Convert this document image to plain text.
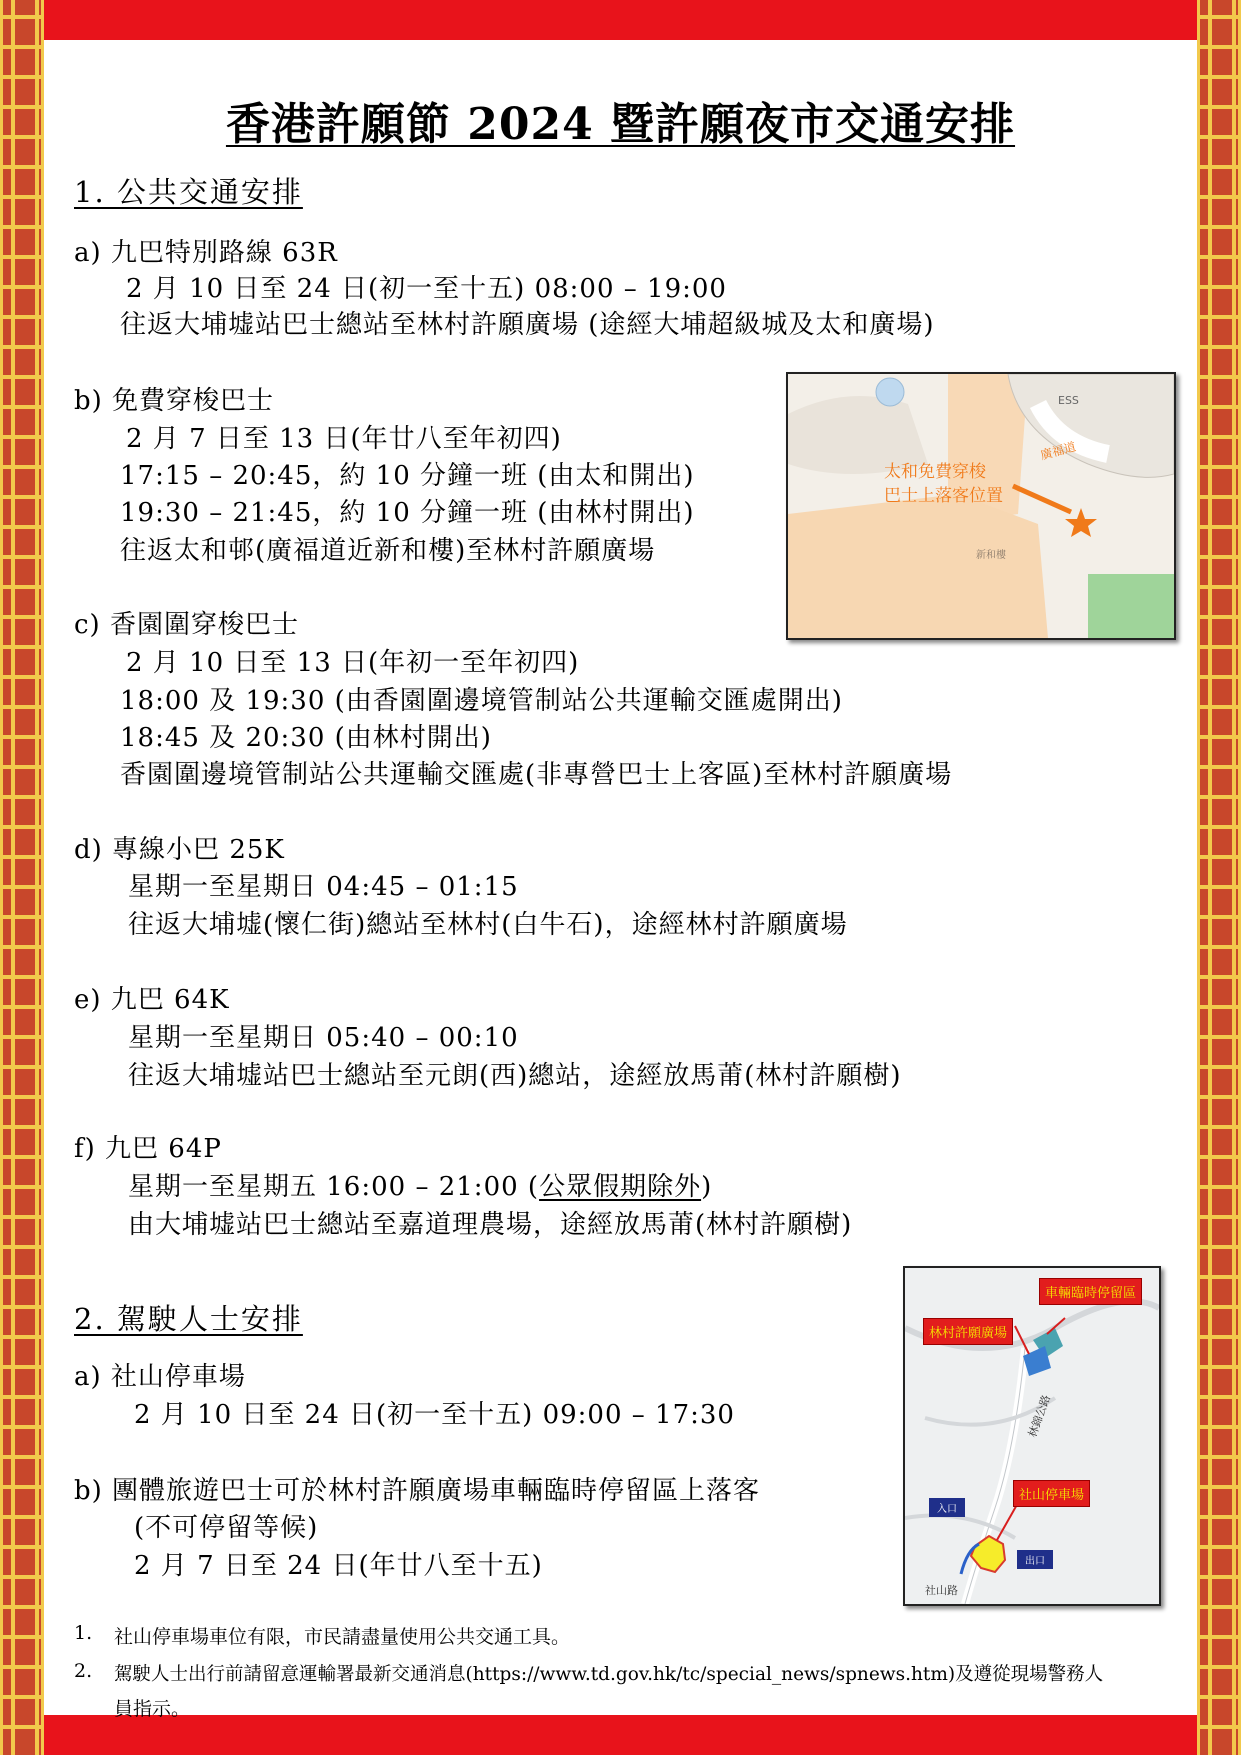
香港許願節 2024 暨許願夜市交通安排
1. 公共交通安排
a) 九巴特別路線 63R
2 月 10 日至 24 日(初一至十五) 08:00 – 19:00
往返大埔墟站巴士總站至林村許願廣場 (途經大埔超級城及太和廣場)
b) 免費穿梭巴士
2 月 7 日至 13 日(年廿八至年初四)
17:15 – 20:45，約 10 分鐘一班 (由太和開出)
19:30 – 21:45，約 10 分鐘一班 (由林村開出)
往返太和邨(廣福道近新和樓)至林村許願廣場
c) 香園圍穿梭巴士
2 月 10 日至 13 日(年初一至年初四)
18:00 及 19:30 (由香園圍邊境管制站公共運輸交匯處開出)
18:45 及 20:30 (由林村開出)
香園圍邊境管制站公共運輸交匯處(非專營巴士上客區)至林村許願廣場
d) 專線小巴 25K
星期一至星期日 04:45 – 01:15
往返大埔墟(懷仁街)總站至林村(白牛石)，途經林村許願廣場
e) 九巴 64K
星期一至星期日 05:40 – 00:10
往返大埔墟站巴士總站至元朗(西)總站，途經放馬莆(林村許願樹)
f) 九巴 64P
星期一至星期五 16:00 – 21:00 (公眾假期除外)
由大埔墟站巴士總站至嘉道理農場，途經放馬莆(林村許願樹)
太和免費穿梭
巴士上落客位置
廣福道
ESS
新和樓
2. 駕駛人士安排
a) 社山停車場
2 月 10 日至 24 日(初一至十五) 09:00 – 17:30
b) 團體旅遊巴士可於林村許願廣場車輛臨時停留區上落客
(不可停留等候)
2 月 7 日至 24 日(年廿八至十五)
車輛臨時停留區
林村許願廣場
社山停車場
入口
出口
林錦公路
社山路
1. 社山停車場車位有限，市民請盡量使用公共交通工具。
2. 駕駛人士出行前請留意運輸署最新交通消息(https://www.td.gov.hk/tc/special_news/spnews.htm)及遵從現場警務人
員指示。
